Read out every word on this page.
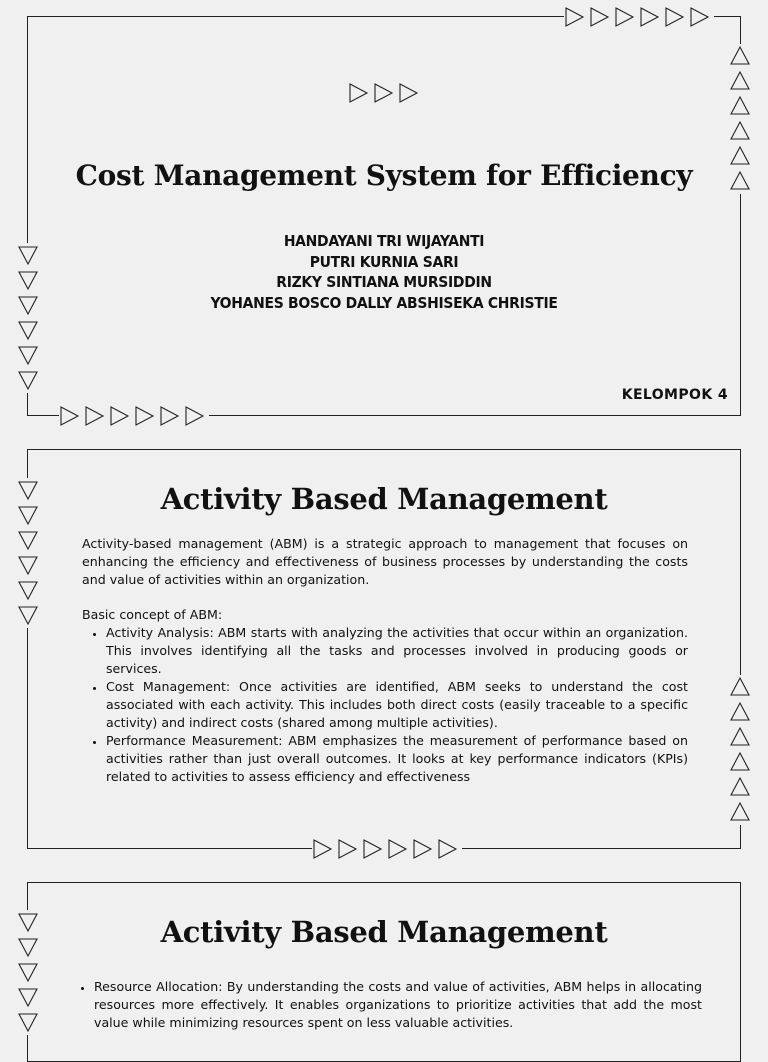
Cost Management System for Efficiency
HANDAYANI TRI WIJAYANTI
PUTRI KURNIA SARI
RIZKY SINTIANA MURSIDDIN
YOHANES BOSCO DALLY ABSHISEKA CHRISTIE
KELOMPOK 4
Activity Based Management

Activity-based management (ABM) is a strategic approach to management that focuses on enhancing the efficiency and effectiveness of business processes by understanding the costs and value of activities within an organization.

Basic concept of ABM:

• Activity Analysis: ABM starts with analyzing the activities that occur within an organization. This involves identifying all the tasks and processes involved in producing goods or services.
• Cost Management: Once activities are identified, ABM seeks to understand the cost associated with each activity. This includes both direct costs (easily traceable to a specific activity) and indirect costs (shared among multiple activities).
• Performance Measurement: ABM emphasizes the measurement of performance based on activities rather than just overall outcomes. It looks at key performance indicators (KPIs) related to activities to assess efficiency and effectiveness
Activity Based Management
• Resource Allocation: By understanding the costs and value of activities, ABM helps in allocating resources more effectively. It enables organizations to prioritize activities that add the most value while minimizing resources spent on less valuable activities.
